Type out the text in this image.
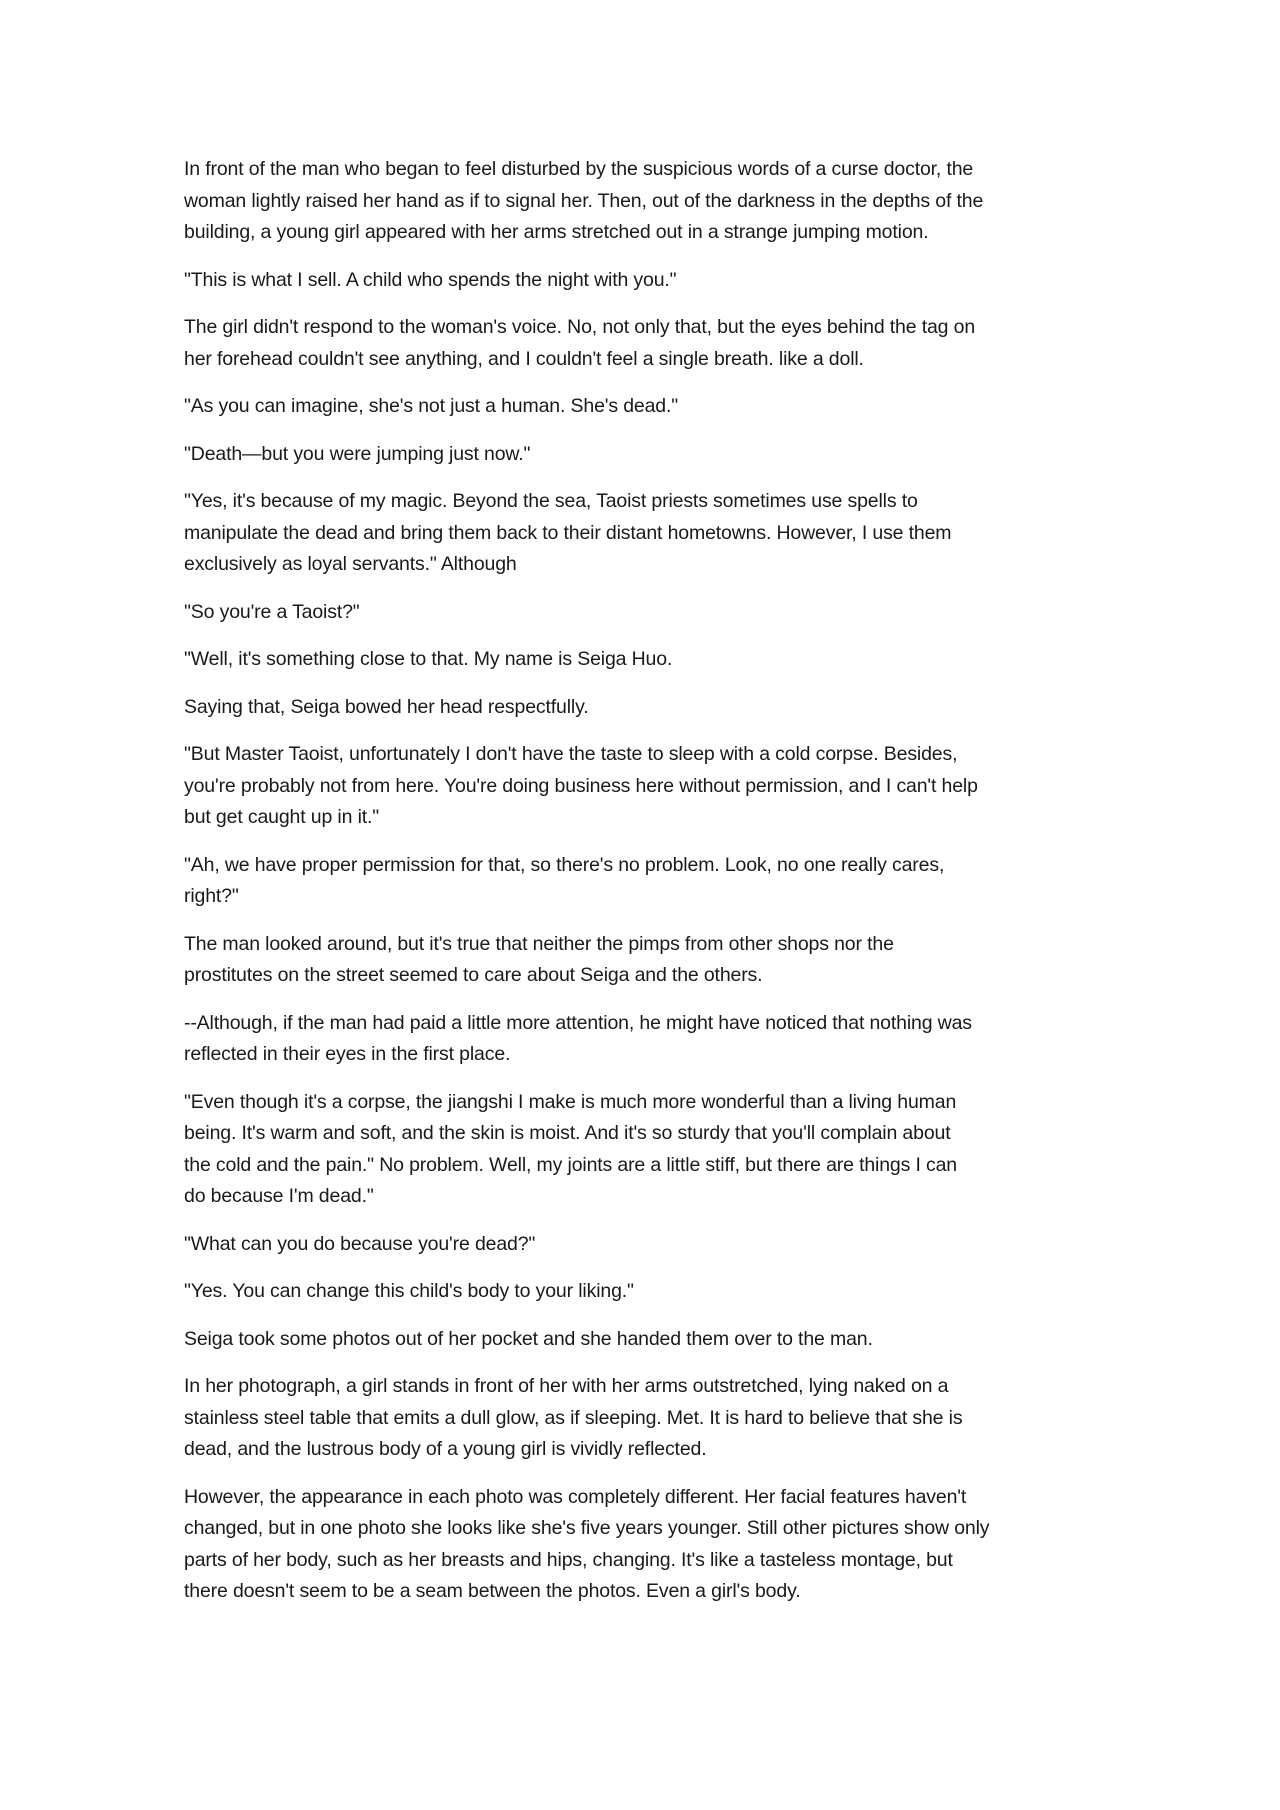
In front of the man who began to feel disturbed by the suspicious words of a curse doctor, the
woman lightly raised her hand as if to signal her. Then, out of the darkness in the depths of the
building, a young girl appeared with her arms stretched out in a strange jumping motion.

"This is what I sell. A child who spends the night with you."

The girl didn't respond to the woman's voice. No, not only that, but the eyes behind the tag on
her forehead couldn't see anything, and I couldn't feel a single breath. like a doll.

"As you can imagine, she's not just a human. She's dead."

"Death—but you were jumping just now."

"Yes, it's because of my magic. Beyond the sea, Taoist priests sometimes use spells to
manipulate the dead and bring them back to their distant hometowns. However, I use them
exclusively as loyal servants." Although

"So you're a Taoist?"

"Well, it's something close to that. My name is Seiga Huo.

Saying that, Seiga bowed her head respectfully.

"But Master Taoist, unfortunately I don't have the taste to sleep with a cold corpse. Besides,
you're probably not from here. You're doing business here without permission, and I can't help
but get caught up in it."

"Ah, we have proper permission for that, so there's no problem. Look, no one really cares,
right?"

The man looked around, but it's true that neither the pimps from other shops nor the
prostitutes on the street seemed to care about Seiga and the others.

--Although, if the man had paid a little more attention, he might have noticed that nothing was
reflected in their eyes in the first place.

"Even though it's a corpse, the jiangshi I make is much more wonderful than a living human
being. It's warm and soft, and the skin is moist. And it's so sturdy that you'll complain about
the cold and the pain." No problem. Well, my joints are a little stiff, but there are things I can
do because I'm dead."

"What can you do because you're dead?"

"Yes. You can change this child's body to your liking."

Seiga took some photos out of her pocket and she handed them over to the man.

In her photograph, a girl stands in front of her with her arms outstretched, lying naked on a
stainless steel table that emits a dull glow, as if sleeping. Met. It is hard to believe that she is
dead, and the lustrous body of a young girl is vividly reflected.

However, the appearance in each photo was completely different. Her facial features haven't
changed, but in one photo she looks like she's five years younger. Still other pictures show only
parts of her body, such as her breasts and hips, changing. It's like a tasteless montage, but
there doesn't seem to be a seam between the photos. Even a girl's body.
